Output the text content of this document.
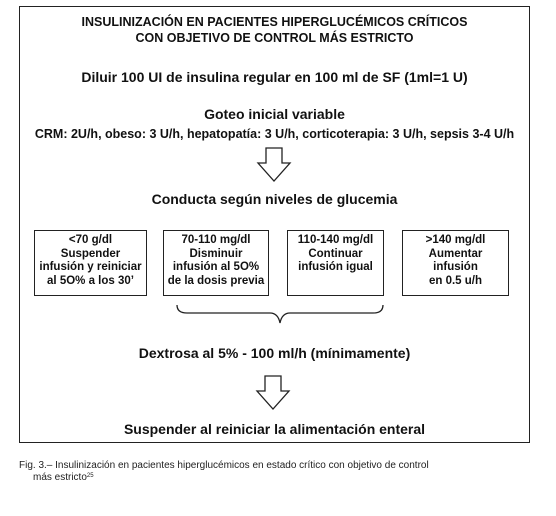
INSULINIZACIÓN EN PACIENTES HIPERGLUCÉMICOS CRÍTICOS
CON OBJETIVO DE CONTROL MÁS ESTRICTO
Diluir 100 UI de insulina regular en 100 ml de SF (1ml=1 U)
Goteo inicial variable
CRM: 2U/h, obeso: 3 U/h, hepatopatía: 3 U/h, corticoterapia: 3 U/h, sepsis 3-4 U/h
Conducta según niveles de glucemia
<70 g/dl
Suspender
infusión y reiniciar
al 5O% a los 30’
70-110 mg/dl
Disminuir
infusión al 5O%
de la dosis previa
110-140 mg/dl
Continuar
infusión igual
>140 mg/dl
Aumentar
infusión
en 0.5 u/h
Dextrosa al 5% - 100 ml/h (mínimamente)
Suspender al reiniciar la alimentación enteral
Fig. 3.– Insulinización en pacientes hiperglucémicos en estado crítico con objetivo de control
más estricto$^{25}$
